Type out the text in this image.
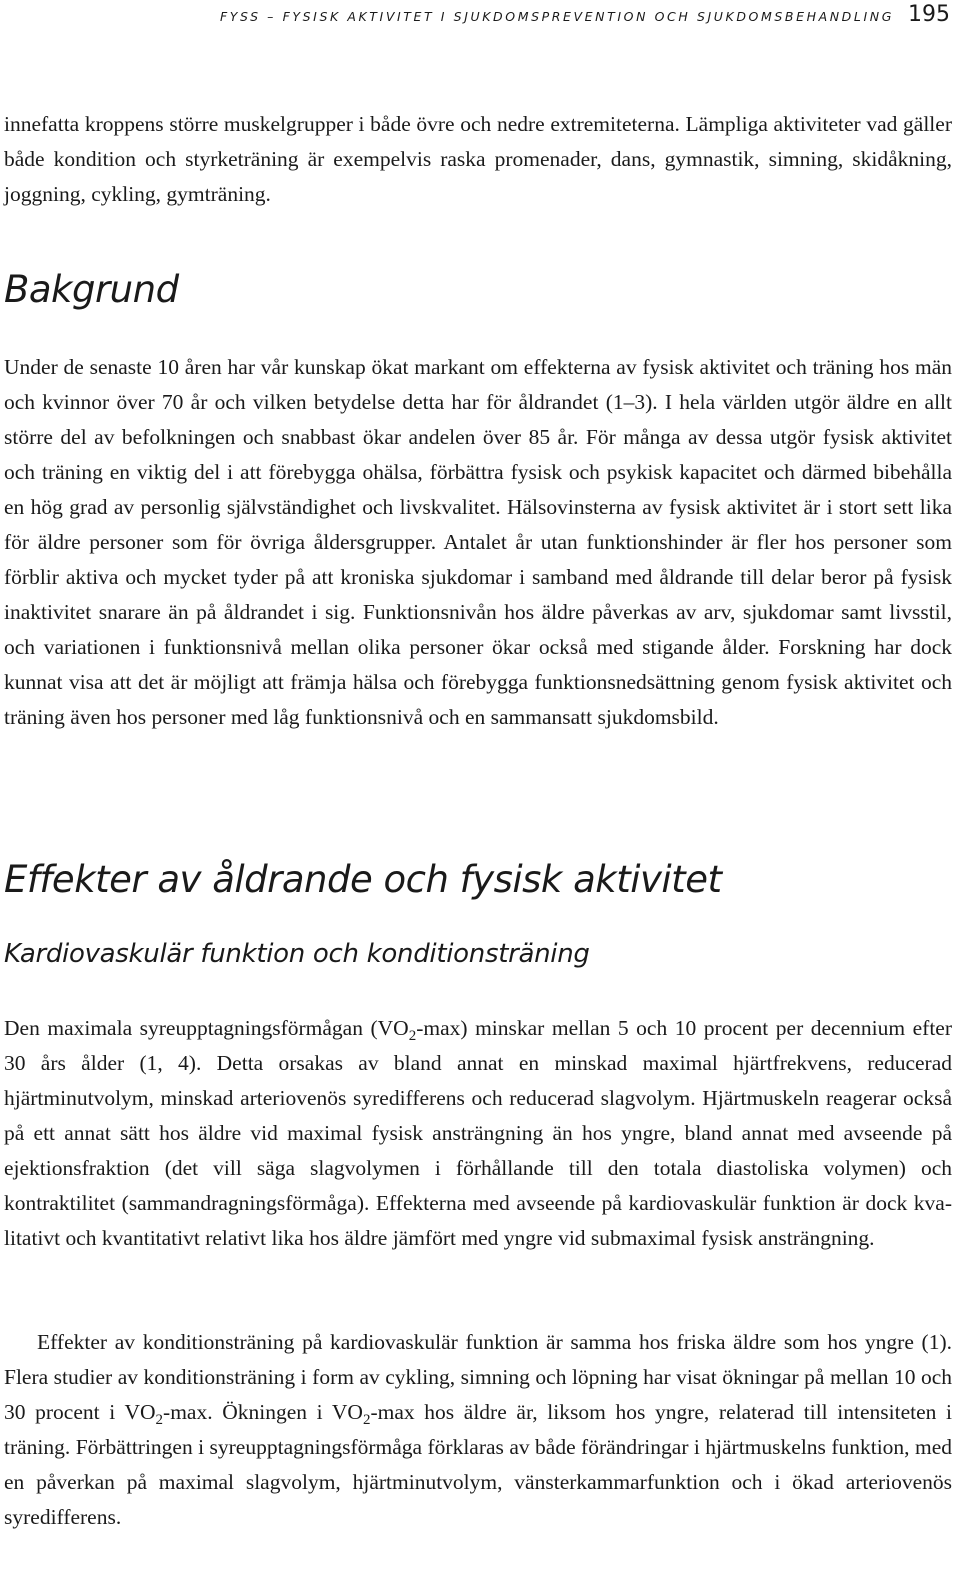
FYSS – FYSISK AKTIVITET I SJUKDOMSPREVENTION OCH SJUKDOMSBEHANDLING 195

innefatta kroppens större muskelgrupper i både övre och nedre extremiteterna. Lämpliga aktiviteter vad gäller både kondition och styrketräning är exempelvis raska promenader, dans, gymnastik, simning, skidåkning, joggning, cykling, gymträning.

Bakgrund

Under de senaste 10 åren har vår kunskap ökat markant om effekterna av fysisk aktivitet och träning hos män och kvinnor över 70 år och vilken betydelse detta har för åldrandet (1–3). I hela världen utgör äldre en allt större del av befolkningen och snabbast ökar andelen över 85 år. För många av dessa utgör fysisk aktivitet och träning en viktig del i att förebygga ohälsa, förbättra fysisk och psykisk kapacitet och därmed bibehålla en hög grad av personlig självständighet och livskvalitet. Hälsovinsterna av fysisk aktivitet är i stort sett lika för äldre personer som för övriga åldersgrupper. Antalet år utan funktionshinder är fler hos personer som förblir aktiva och mycket tyder på att kroniska sjukdomar i samband med åldrande till delar beror på fysisk inaktivitet snarare än på åldrandet i sig. Funktionsnivån hos äldre påverkas av arv, sjukdomar samt livsstil, och variationen i funktionsnivå mellan olika personer ökar också med stigande ålder. Forskning har dock kunnat visa att det är möjligt att främja hälsa och förebygga funktionsnedsättning genom fysisk aktivitet och träning även hos personer med låg funktionsnivå och en sammansatt sjukdomsbild.

Effekter av åldrande och fysisk aktivitet
Kardiovaskulär funktion och konditionsträning

Den maximala syreupptagningsförmågan $(VO_2-\max)$ minskar mellan 5 och 10 procent per decennium efter 30 års ålder (1, 4). Detta orsakas av bland annat en minskad maximal hjärtfrekvens, reducerad hjärtminutvolym, minskad arteriovenös syredifferens och reducerad slagvolym. Hjärtmuskeln reagerar också på ett annat sätt hos äldre vid maximal fysisk ansträngning än hos yngre, bland annat med avseende på ejektionsfraktion (det vill säga slagvolymen i förhållande till den totala diastoliska volymen) och kontraktilitet (sammandragningsförmåga). Effekterna med avseende på kardiovaskulär funktion är dock kvalitativt och kvantitativt relativt lika hos äldre jämfört med yngre vid submaximal fysisk ansträngning.

Effekter av konditionsträning på kardiovaskulär funktion är samma hos friska äldre som hos yngre (1). Flera studier av konditionsträning i form av cykling, simning och löpning har visat ökningar på mellan 10 och 30 procent i $VO_2-\max$. Ökningen i $VO_2-\max$ hos äldre är, liksom hos yngre, relaterad till intensiteten i träning. Förbättringen i syreupptagningsförmåga förklaras av både förändringar i hjärtmuskelns funktion, med en påverkan på maximal slagvolym, hjärtminutvolym, vänsterkammarfunktion och i ökad arteriovenös syredifferens.
